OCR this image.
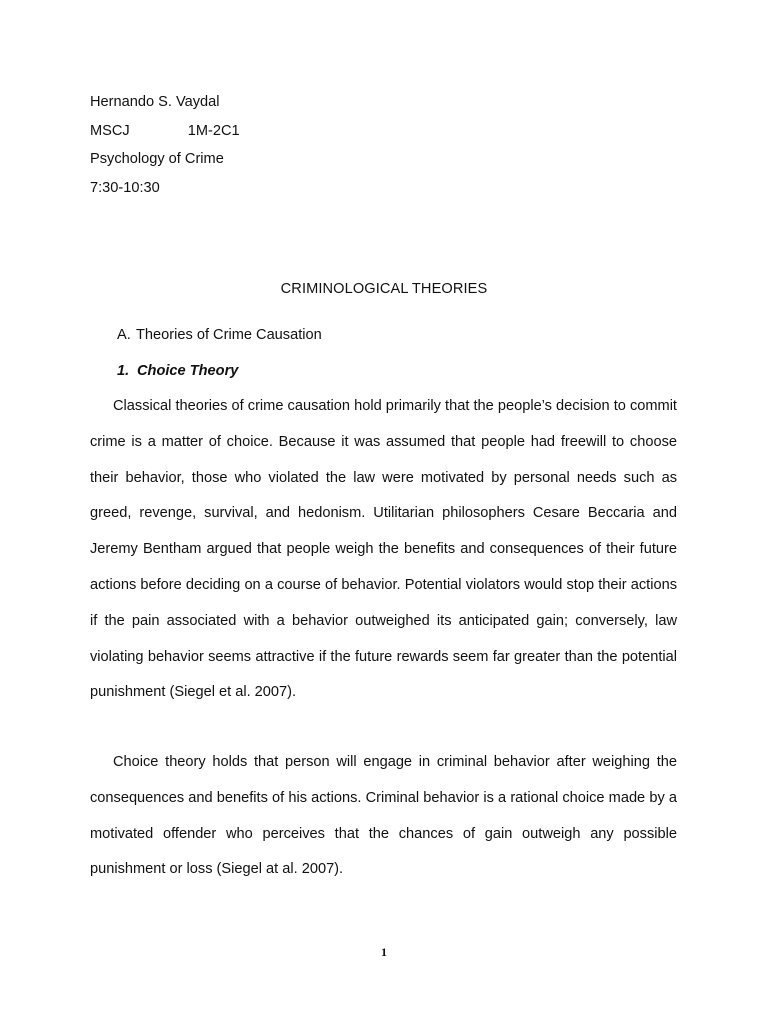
Hernando S. Vaydal
MSCJ	1M-2C1
Psychology of Crime
7:30-10:30
CRIMINOLOGICAL THEORIES
A. Theories of Crime Causation
1. Choice Theory

Classical theories of crime causation hold primarily that the people’s decision to commit crime is a matter of choice. Because it was assumed that people had freewill to choose their behavior, those who violated the law were motivated by personal needs such as greed, revenge, survival, and hedonism. Utilitarian philosophers Cesare Beccaria and Jeremy Bentham argued that people weigh the benefits and consequences of their future actions before deciding on a course of behavior. Potential violators would stop their actions if the pain associated with a behavior outweighed its anticipated gain; conversely, law violating behavior seems attractive if the future rewards seem far greater than the potential punishment (Siegel et al. 2007).

Choice theory holds that person will engage in criminal behavior after weighing the consequences and benefits of his actions. Criminal behavior is a rational choice made by a motivated offender who perceives that the chances of gain outweigh any possible punishment or loss (Siegel at al. 2007).

1
